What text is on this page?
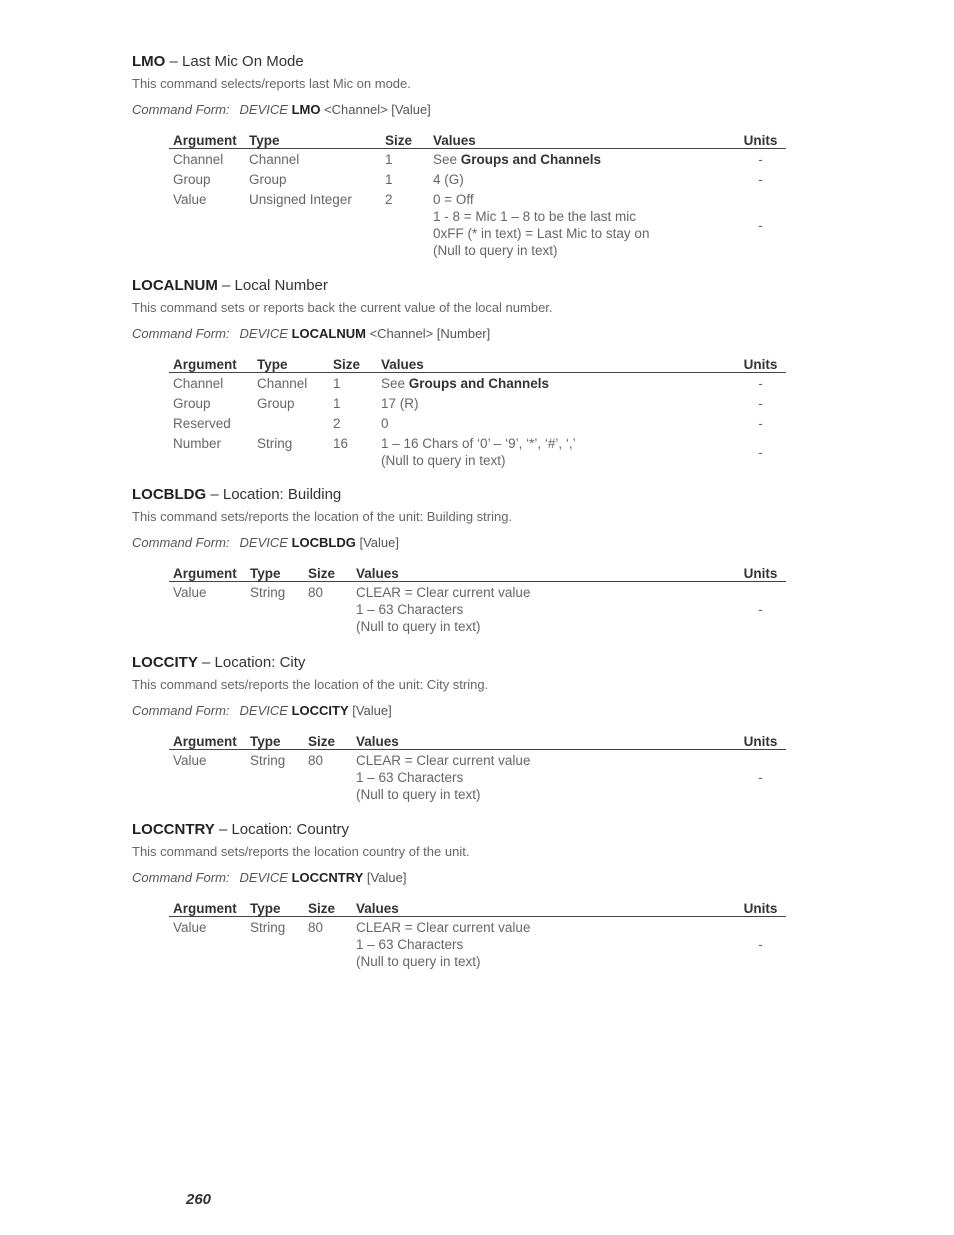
LMO – Last Mic On Mode

This command selects/reports last Mic on mode.
Command Form: DEVICE LMO <Channel> [Value]
Argument	Type	Size	Values	Units
Channel	Channel	1	See Groups and Channels	-
Group	Group	1	4 (G)	-
Value	Unsigned Integer	2	0 = Off
1 - 8 = Mic 1 – 8 to be the last mic
0xFF (* in text) = Last Mic to stay on
(Null to query in text)	-

LOCALNUM – Local Number

This command sets or reports back the current value of the local number.
Command Form: DEVICE LOCALNUM <Channel> [Number]
Argument	Type	Size	Values	Units
Channel	Channel	1	See Groups and Channels	-
Group	Group	1	17 (R)	-
Reserved		2	0	-
Number	String	16	1 – 16 Chars of ‘0’ – ‘9’, ‘*’, ‘#’, ‘,’
(Null to query in text)	-

LOCBLDG – Location: Building

This command sets/reports the location of the unit: Building string.
Command Form: DEVICE LOCBLDG [Value]
Argument	Type	Size	Values	Units
Value	String	80	CLEAR = Clear current value
1 – 63 Characters
(Null to query in text)	-

LOCCITY – Location: City

This command sets/reports the location of the unit: City string.
Command Form: DEVICE LOCCITY [Value]
Argument	Type	Size	Values	Units
Value	String	80	CLEAR = Clear current value
1 – 63 Characters
(Null to query in text)	-

LOCCNTRY – Location: Country

This command sets/reports the location country of the unit.
Command Form: DEVICE LOCCNTRY [Value]
Argument	Type	Size	Values	Units
Value	String	80	CLEAR = Clear current value
1 – 63 Characters
(Null to query in text)	-
260
